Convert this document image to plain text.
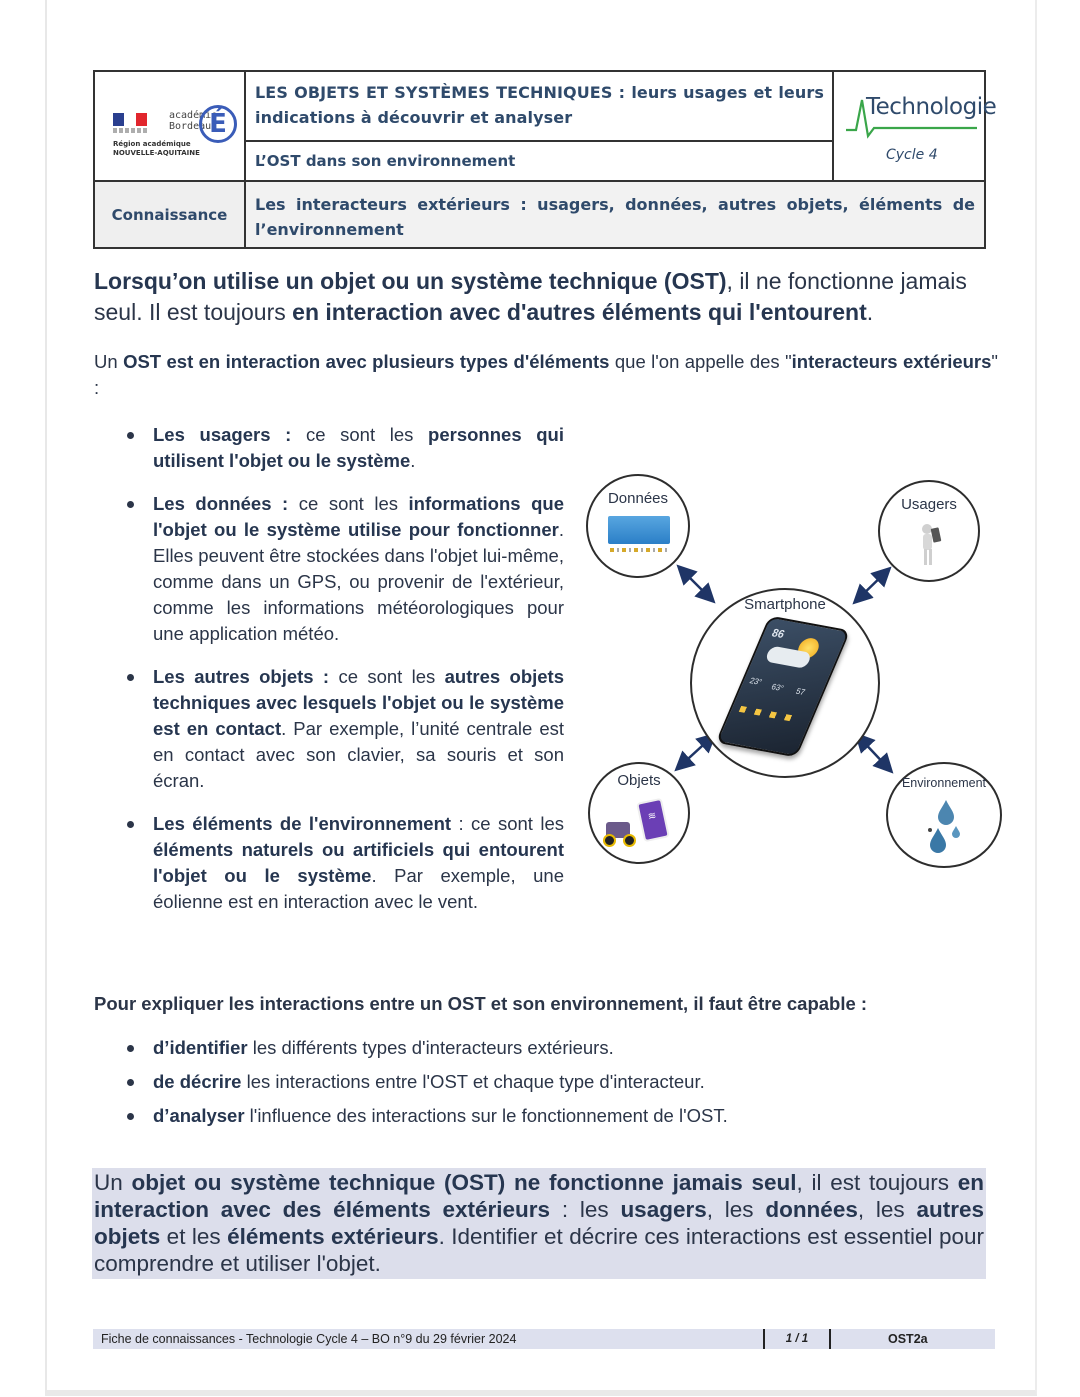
académie
Bordeaux
É
Région académique
NOUVELLE-AQUITAINE
LES OBJETS ET SYSTÈMES TECHNIQUES : leurs usages et leurs indications à découvrir et analyser
L’OST dans son environnement
Technologie
Cycle 4
Connaissance
Les interacteurs extérieurs : usagers, données, autres objets, éléments de l’environnement
Lorsqu’on utilise un objet ou un système technique (OST), il ne fonctionne jamais seul. Il est toujours en interaction avec d'autres éléments qui l'entourent.
Un OST est en interaction avec plusieurs types d'éléments que l'on appelle des "interacteurs extérieurs" :
Les usagers : ce sont les personnes qui utilisent l'objet ou le système.
Les données : ce sont les informations que l'objet ou le système utilise pour fonctionner. Elles peuvent être stockées dans l'objet lui-même, comme dans un GPS, ou provenir de l'extérieur, comme les informations météorologiques pour une application météo.
Les autres objets : ce sont les autres objets techniques avec lesquels l'objet ou le système est en contact. Par exemple, l’unité centrale est en contact avec son clavier, sa souris et son écran.
Les éléments de l'environnement : ce sont les éléments naturels ou artificiels qui entourent l'objet ou le système. Par exemple, une éolienne est en interaction avec le vent.
Données	Usagers
Smartphone
86
23°
63° 57
Objets
≋
Environnement
Pour expliquer les interactions entre un OST et son environnement, il faut être capable :
d’identifier les différents types d'interacteurs extérieurs.
de décrire les interactions entre l'OST et chaque type d'interacteur.
d’analyser l'influence des interactions sur le fonctionnement de l'OST.
Un objet ou système technique (OST) ne fonctionne jamais seul, il est toujours en interaction avec des éléments extérieurs : les usagers, les données, les autres objets et les éléments extérieurs. Identifier et décrire ces interactions est essentiel pour comprendre et utiliser l'objet.
Fiche de connaissances - Technologie Cycle 4 – BO n°9 du 29 février 2024	1 / 1	OST2a
